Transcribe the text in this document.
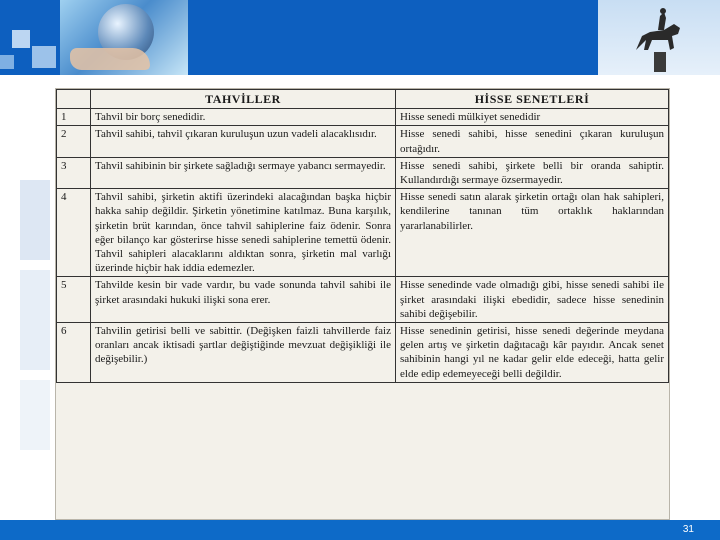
	TAHVİLLER	HİSSE SENETLERİ
1	Tahvil bir borç senedidir.	Hisse senedi mülkiyet senedidir
2	Tahvil sahibi, tahvil çıkaran kuruluşun uzun vadeli alacaklısıdır.	Hisse senedi sahibi, hisse senedini çıkaran kuruluşun ortağıdır.
3	Tahvil sahibinin bir şirkete sağladığı sermaye yabancı sermayedir.	Hisse senedi sahibi, şirkete belli bir oranda sahiptir. Kullandırdığı sermaye özsermayedir.
4	Tahvil sahibi, şirketin aktifi üzerindeki alacağından başka hiçbir hakka sahip değildir. Şirketin yönetimine katılmaz. Buna karşılık, şirketin brüt karından, önce tahvil sahiplerine faiz ödenir. Sonra eğer bilanço kar gösterirse hisse senedi sahiplerine temettü ödenir. Tahvil sahipleri alacaklarını aldıktan sonra, şirketin mal varlığı üzerinde hiçbir hak iddia edemezler.	Hisse senedi satın alarak şirketin ortağı olan hak sahipleri, kendilerine tanınan tüm ortaklık haklarından yararlanabilirler.
5	Tahvilde kesin bir vade vardır, bu vade sonunda tahvil sahibi ile şirket arasındaki hukuki ilişki sona erer.	Hisse senedinde vade olmadığı gibi, hisse senedi sahibi ile şirket arasındaki ilişki ebedidir, sadece hisse senedinin sahibi değişebilir.
6	Tahvilin getirisi belli ve sabittir. (Değişken faizli tahvillerde faiz oranları ancak iktisadi şartlar değiştiğinde mevzuat değişikliği ile değişebilir.)	Hisse senedinin getirisi, hisse senedi değerinde meydana gelen artış ve şirketin dağıtacağı kâr payıdır. Ancak senet sahibinin hangi yıl ne kadar gelir elde edeceği, hatta gelir elde edip edemeyeceği belli değildir.
31
